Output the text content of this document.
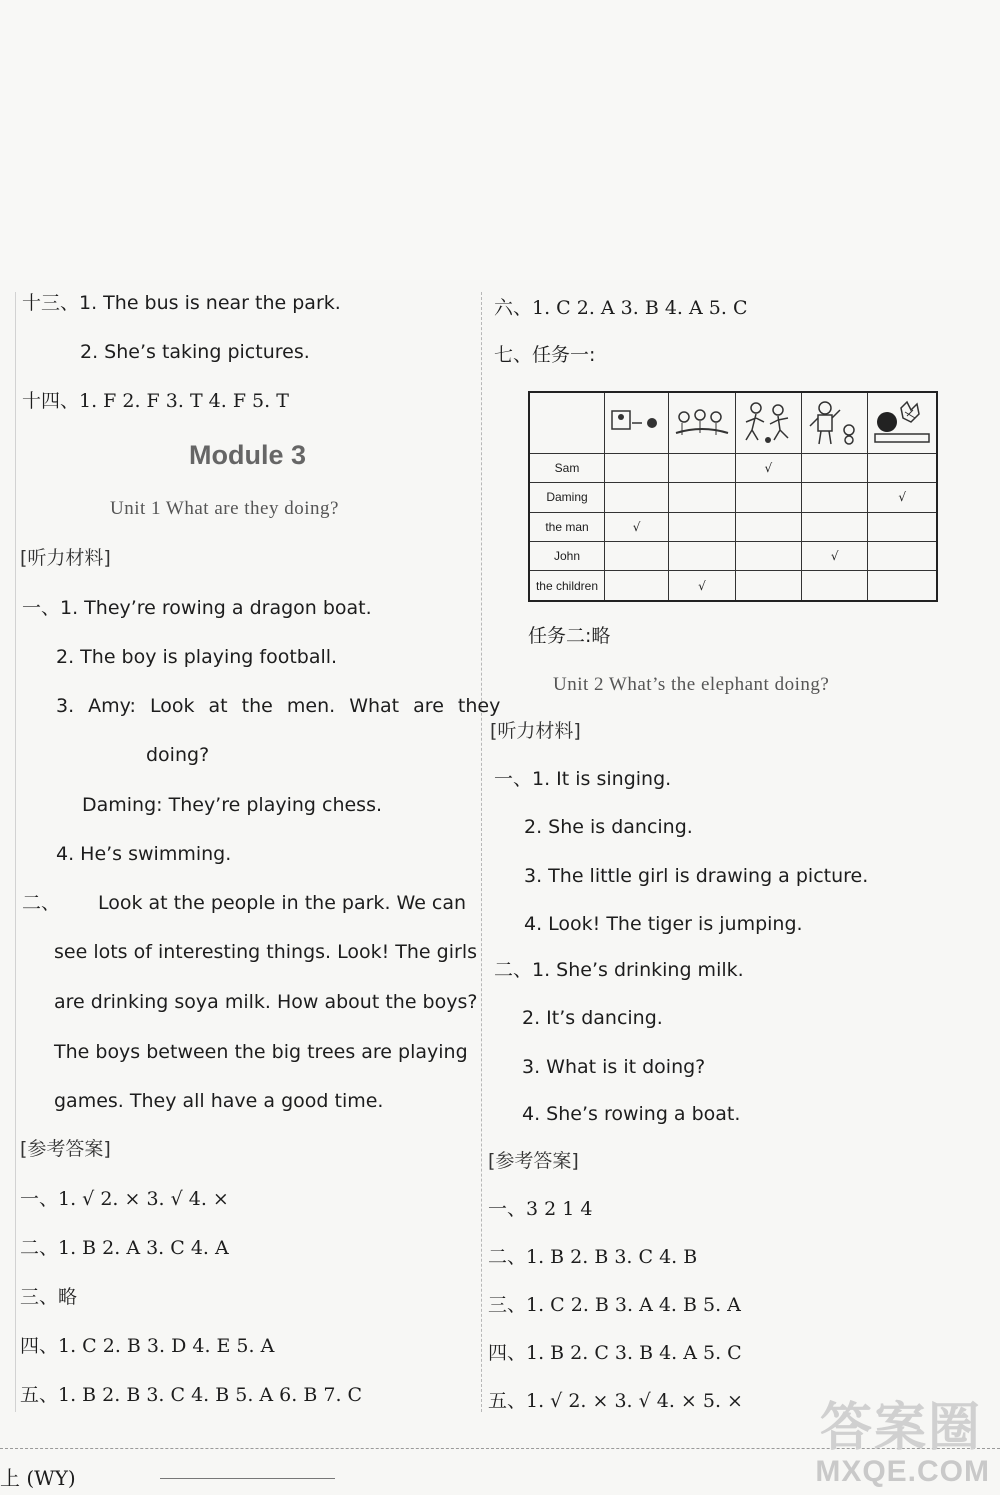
十三、1. The bus is near the park.
2. She’s taking pictures.
十四、1. F 2. F 3. T 4. F 5. T
Module 3
Unit 1 What are they doing?
[听力材料]
一、1. They’re rowing a dragon boat.
2. The boy is playing football.
3. Amy: Look at the men. What are they
doing?
Daming: They’re playing chess.
4. He’s swimming.
二、 Look at the people in the park. We can
see lots of interesting things. Look! The girls
are drinking soya milk. How about the boys?
The boys between the big trees are playing
games. They all have a good time.
[参考答案]
一、1. √ 2. × 3. √ 4. ×
二、1. B 2. A 3. C 4. A
三、略
四、1. C 2. B 3. D 4. E 5. A
五、1. B 2. B 3. C 4. B 5. A 6. B 7. C
六、1. C 2. A 3. B 4. A 5. C
七、任务一:

Sam			√		
Daming					√
the man	√				
John				√	
the children		√			
任务二:略
Unit 2 What’s the elephant doing?
[听力材料]
一、1. It is singing.
2. She is dancing.
3. The little girl is drawing a picture.
4. Look! The tiger is jumping.
二、1. She’s drinking milk.
2. It’s dancing.
3. What is it doing?
4. She’s rowing a boat.
[参考答案]
一、3 2 1 4
二、1. B 2. B 3. C 4. B
三、1. C 2. B 3. A 4. B 5. A
四、1. B 2. C 3. B 4. A 5. C
五、1. √ 2. × 3. √ 4. × 5. ×
上 (WY)
答案圈
MXQE.COM
